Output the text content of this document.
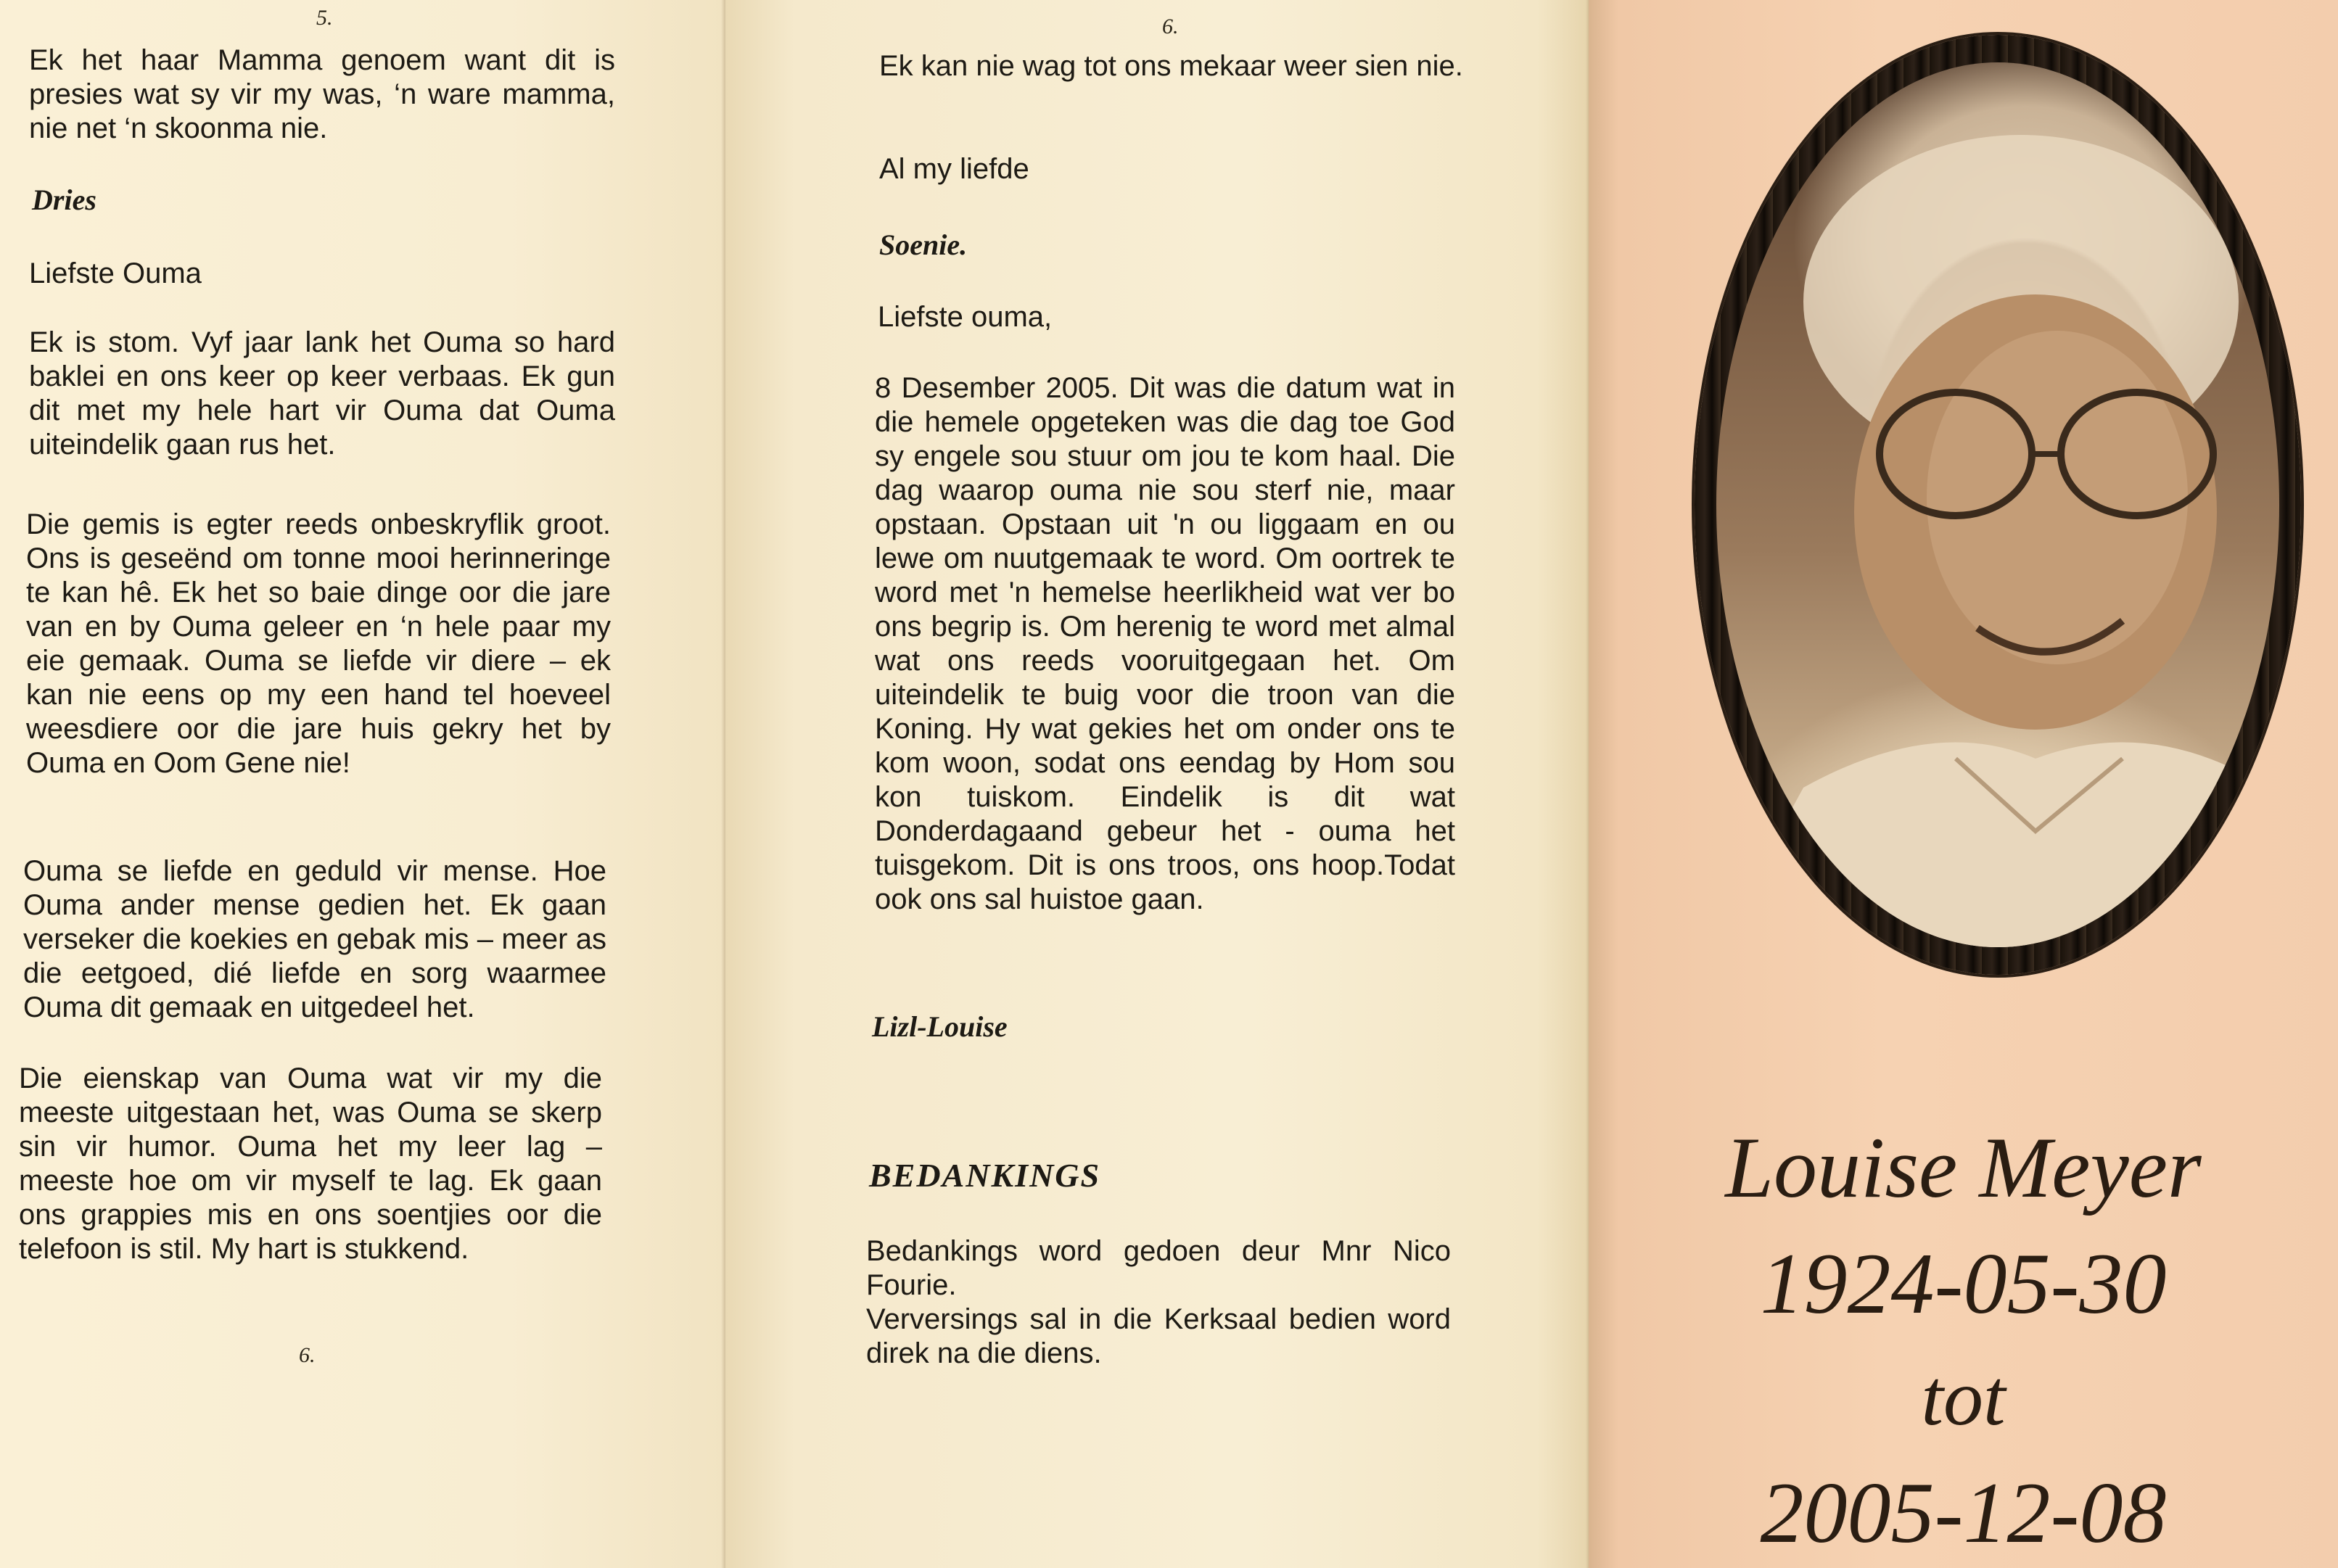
5.

Ek het haar Mamma genoem want dit is presies wat sy vir my was, ‘n ware mamma, nie net ‘n skoonma nie.

Dries

Liefste Ouma

Ek is stom. Vyf jaar lank het Ouma so hard baklei en ons keer op keer verbaas. Ek gun dit met my hele hart vir Ouma dat Ouma uiteindelik gaan rus het.

Die gemis is egter reeds onbeskryflik groot. Ons is geseënd om tonne mooi herinneringe te kan hê. Ek het so baie dinge oor die jare van en by Ouma geleer en ‘n hele paar my eie gemaak. Ouma se liefde vir diere – ek kan nie eens op my een hand tel hoeveel weesdiere oor die jare huis gekry het by Ouma en Oom Gene nie!

Ouma se liefde en geduld vir mense. Hoe Ouma ander mense gedien het. Ek gaan verseker die koekies en gebak mis – meer as die eetgoed, dié liefde en sorg waarmee Ouma dit gemaak en uitgedeel het.

Die eienskap van Ouma wat vir my die meeste uitgestaan het, was Ouma se skerp sin vir humor. Ouma het my leer lag – meeste hoe om vir myself te lag. Ek gaan ons grappies mis en ons soentjies oor die telefoon is stil. My hart is stukkend.

6.
6.
Ek kan nie wag tot ons mekaar weer sien nie.
Al my liefde
Soenie.
Liefste ouma,
8 Desember 2005. Dit was die datum wat in die hemele opgeteken was die dag toe God sy engele sou stuur om jou te kom haal. Die dag waarop ouma nie sou sterf nie, maar opstaan. Opstaan uit 'n ou liggaam en ou lewe om nuutgemaak te word. Om oortrek te word met 'n hemelse heerlikheid wat ver bo ons begrip is. Om herenig te word met almal wat ons reeds vooruitgegaan het. Om uiteindelik te buig voor die troon van die Koning. Hy wat gekies het om onder ons te kom woon, sodat ons eendag by Hom sou kon tuiskom. Eindelik is dit wat Donderdagaand gebeur het - ouma het tuisgekom. Dit is ons troos, ons hoop.Todat ook ons sal huistoe gaan.
Lizl-Louise
BEDANKINGS
Bedankings word gedoen deur Mnr Nico Fourie.
Verversings sal in die Kerksaal bedien word direk na die diens.
Louise Meyer
1924-05-30
tot
2005-12-08
